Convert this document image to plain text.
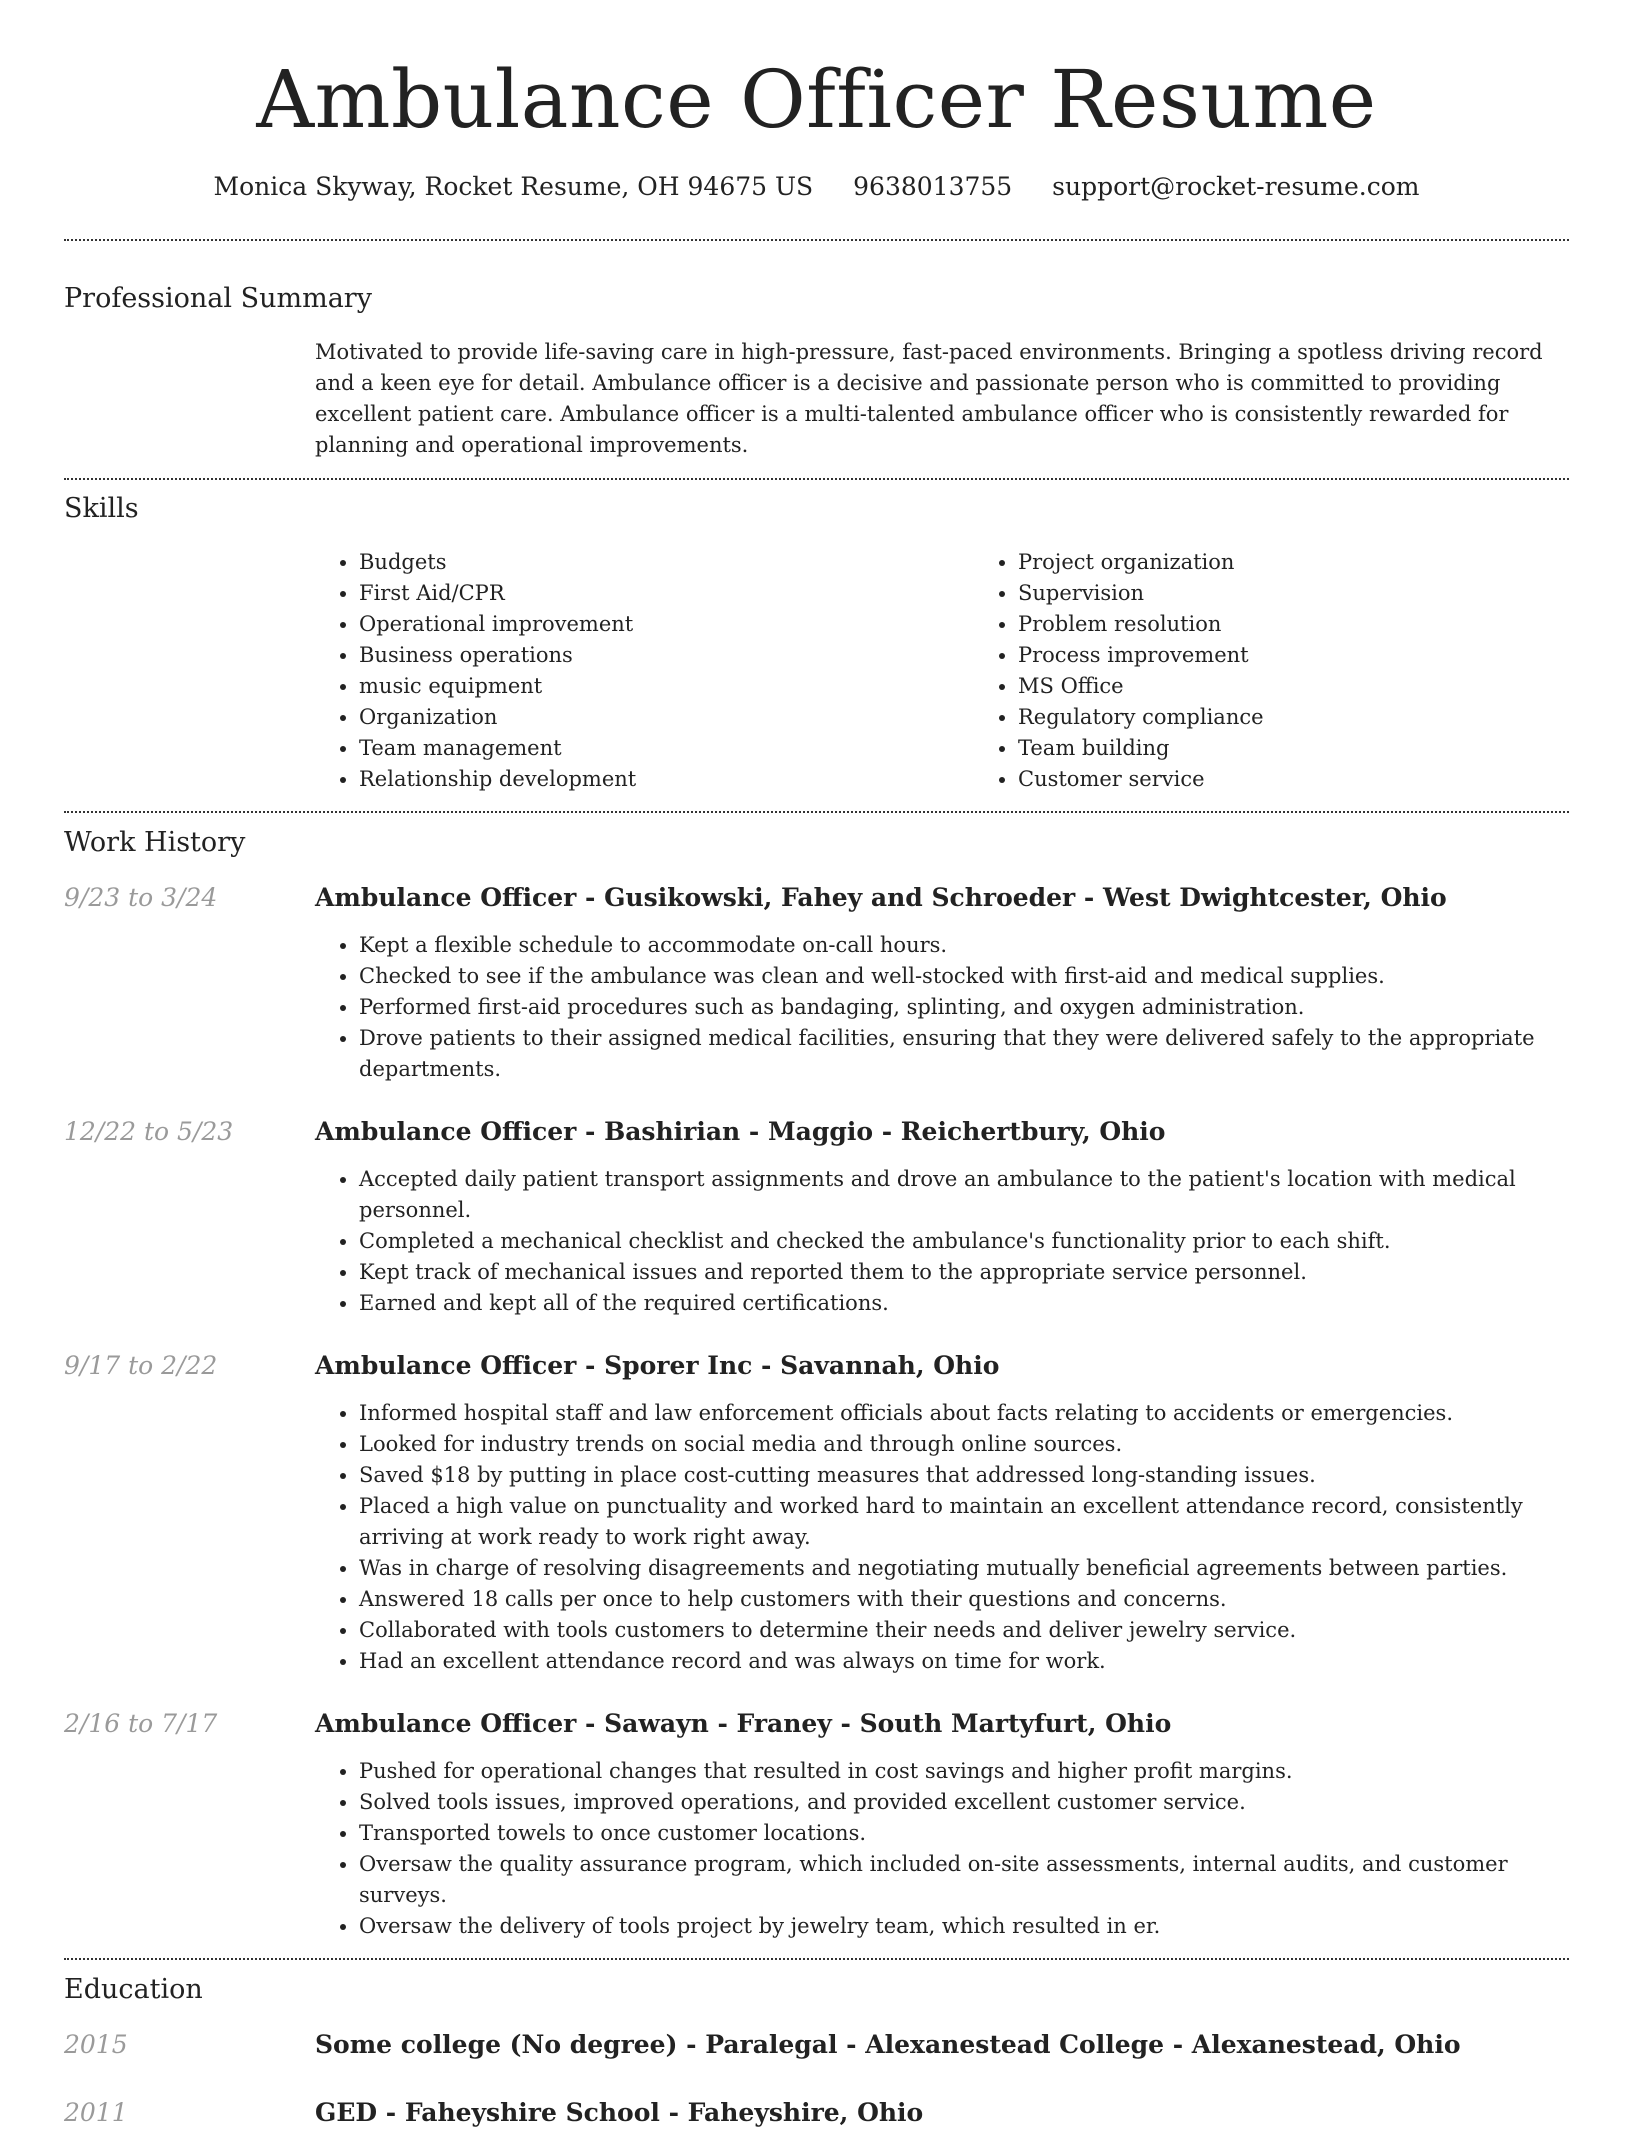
Ambulance Officer Resume
Monica Skyway, Rocket Resume, OH 94675 US 9638013755 support@rocket-resume.com
Professional Summary

Motivated to provide life-saving care in high-pressure, fast-paced environments. Bringing a spotless driving record and a keen eye for detail. Ambulance officer is a decisive and passionate person who is committed to providing excellent patient care. Ambulance officer is a multi-talented ambulance officer who is consistently rewarded for planning and operational improvements.

Skills
• Budgets
• First Aid/CPR
• Operational improvement
• Business operations
• music equipment
• Organization
• Team management
• Relationship development
• Project organization
• Supervision
• Problem resolution
• Process improvement
• MS Office
• Regulatory compliance
• Team building
• Customer service
Work History
9/23 to 3/24	Ambulance Officer - Gusikowski, Fahey and Schroeder - West Dwightcester, Ohio
• Kept a flexible schedule to accommodate on-call hours.
• Checked to see if the ambulance was clean and well-stocked with first-aid and medical supplies.
• Performed first-aid procedures such as bandaging, splinting, and oxygen administration.
• Drove patients to their assigned medical facilities, ensuring that they were delivered safely to the appropriate departments.
12/22 to 5/23	Ambulance Officer - Bashirian - Maggio - Reichertbury, Ohio
• Accepted daily patient transport assignments and drove an ambulance to the patient's location with medical personnel.
• Completed a mechanical checklist and checked the ambulance's functionality prior to each shift.
• Kept track of mechanical issues and reported them to the appropriate service personnel.
• Earned and kept all of the required certifications.
9/17 to 2/22	Ambulance Officer - Sporer Inc - Savannah, Ohio
• Informed hospital staff and law enforcement officials about facts relating to accidents or emergencies.
• Looked for industry trends on social media and through online sources.
• Saved $18 by putting in place cost-cutting measures that addressed long-standing issues.
• Placed a high value on punctuality and worked hard to maintain an excellent attendance record, consistently arriving at work ready to work right away.
• Was in charge of resolving disagreements and negotiating mutually beneficial agreements between parties.
• Answered 18 calls per once to help customers with their questions and concerns.
• Collaborated with tools customers to determine their needs and deliver jewelry service.
• Had an excellent attendance record and was always on time for work.
2/16 to 7/17	Ambulance Officer - Sawayn - Franey - South Martyfurt, Ohio
• Pushed for operational changes that resulted in cost savings and higher profit margins.
• Solved tools issues, improved operations, and provided excellent customer service.
• Transported towels to once customer locations.
• Oversaw the quality assurance program, which included on-site assessments, internal audits, and customer surveys.
• Oversaw the delivery of tools project by jewelry team, which resulted in er.
Education
2015	Some college (No degree) - Paralegal - Alexanestead College - Alexanestead, Ohio
2011	GED - Faheyshire School - Faheyshire, Ohio
